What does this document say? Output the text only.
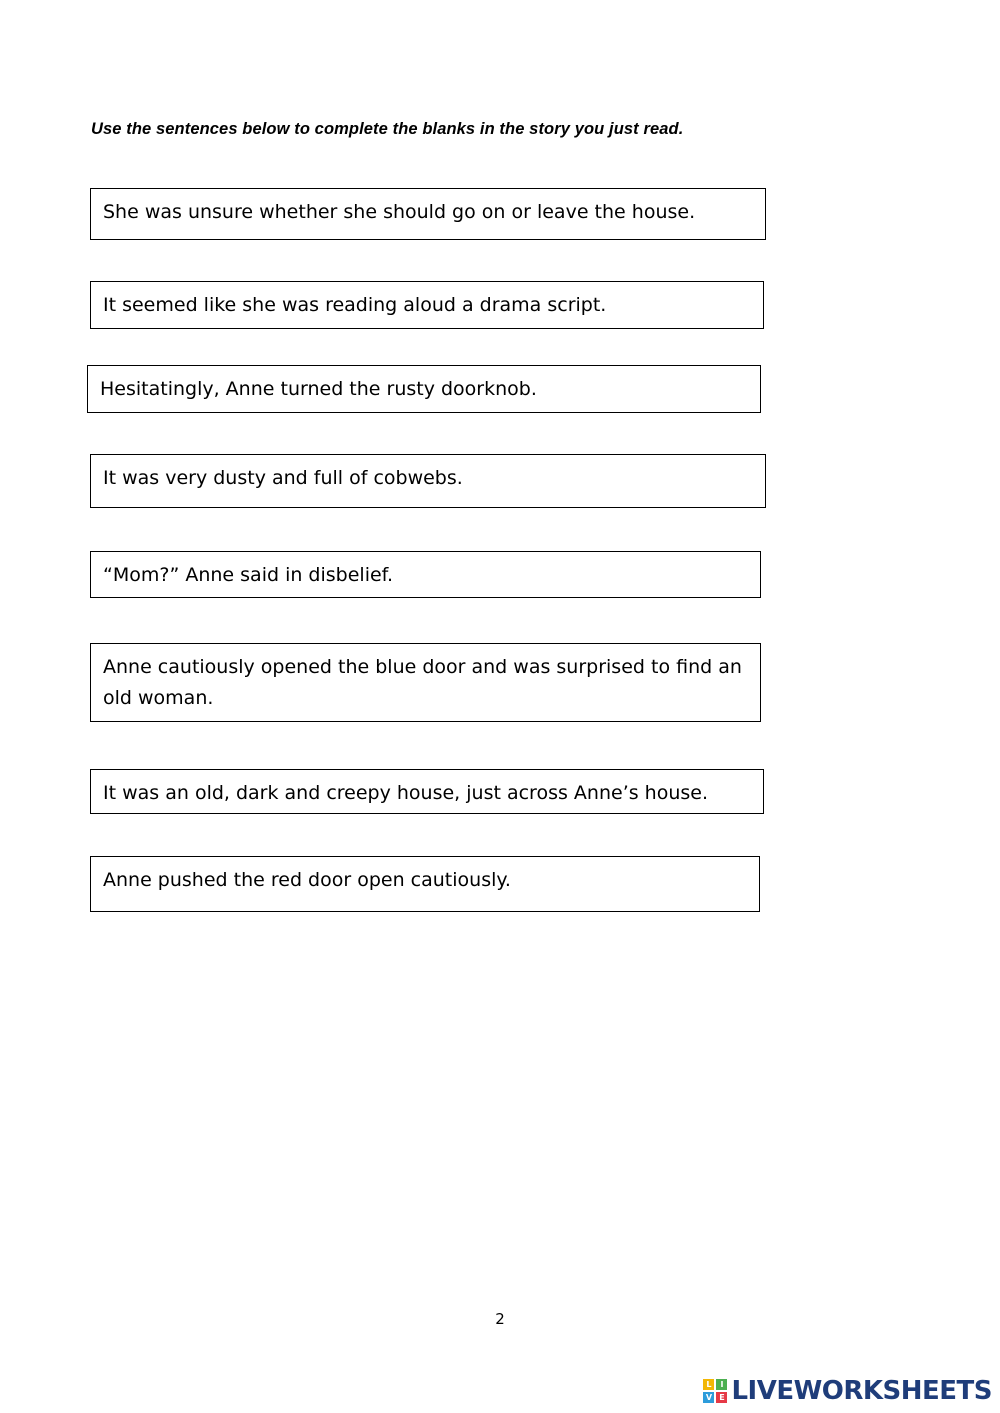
Use the sentences below to complete the blanks in the story you just read.
She was unsure whether she should go on or leave the house.
It seemed like she was reading aloud a drama script.
Hesitatingly, Anne turned the rusty doorknob.
It was very dusty and full of cobwebs.
“Mom?” Anne said in disbelief.
Anne cautiously opened the blue door and was surprised to find an old woman.
It was an old, dark and creepy house, just across Anne’s house.
Anne pushed the red door open cautiously.
2
L	I
V E LIVEWORKSHEETS
